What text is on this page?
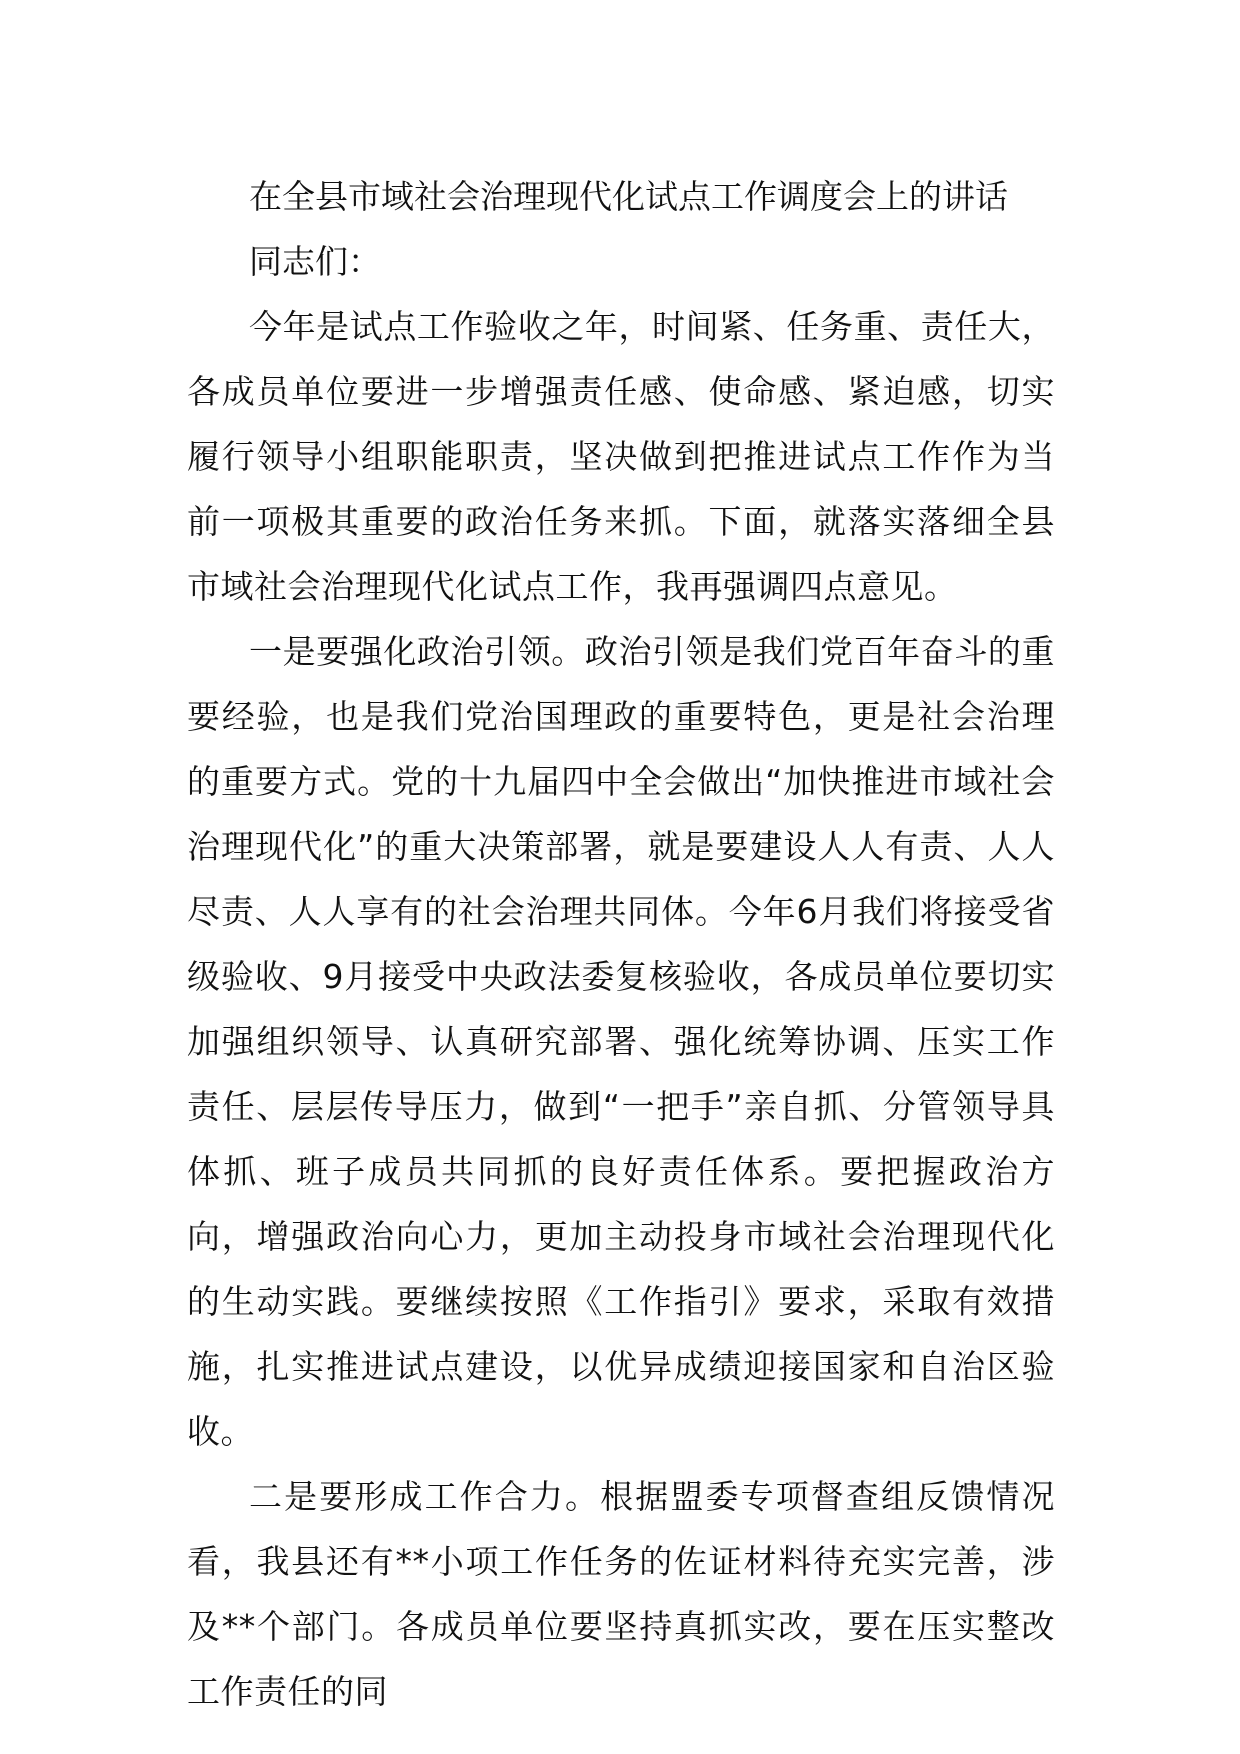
在全县市域社会治理现代化试点工作调度会上的讲话

同志们：

今年是试点工作验收之年，时间紧、任务重、责任大，各成员单位要进一步增强责任感、使命感、紧迫感，切实履行领导小组职能职责，坚决做到把推进试点工作作为当前一项极其重要的政治任务来抓。下面，就落实落细全县市域社会治理现代化试点工作，我再强调四点意见。

一是要强化政治引领。政治引领是我们党百年奋斗的重要经验，也是我们党治国理政的重要特色，更是社会治理的重要方式。党的十九届四中全会做出“加快推进市域社会治理现代化”的重大决策部署，就是要建设人人有责、人人尽责、人人享有的社会治理共同体。今年6月我们将接受省级验收、9月接受中央政法委复核验收，各成员单位要切实加强组织领导、认真研究部署、强化统筹协调、压实工作责任、层层传导压力，做到“一把手”亲自抓、分管领导具体抓、班子成员共同抓的良好责任体系。要把握政治方向，增强政治向心力，更加主动投身市域社会治理现代化的生动实践。要继续按照《工作指引》要求，采取有效措施，扎实推进试点建设，以优异成绩迎接国家和自治区验收。

二是要形成工作合力。根据盟委专项督查组反馈情况看，我县还有**小项工作任务的佐证材料待充实完善，涉及**个部门。各成员单位要坚持真抓实改，要在压实整改工作责任的同
